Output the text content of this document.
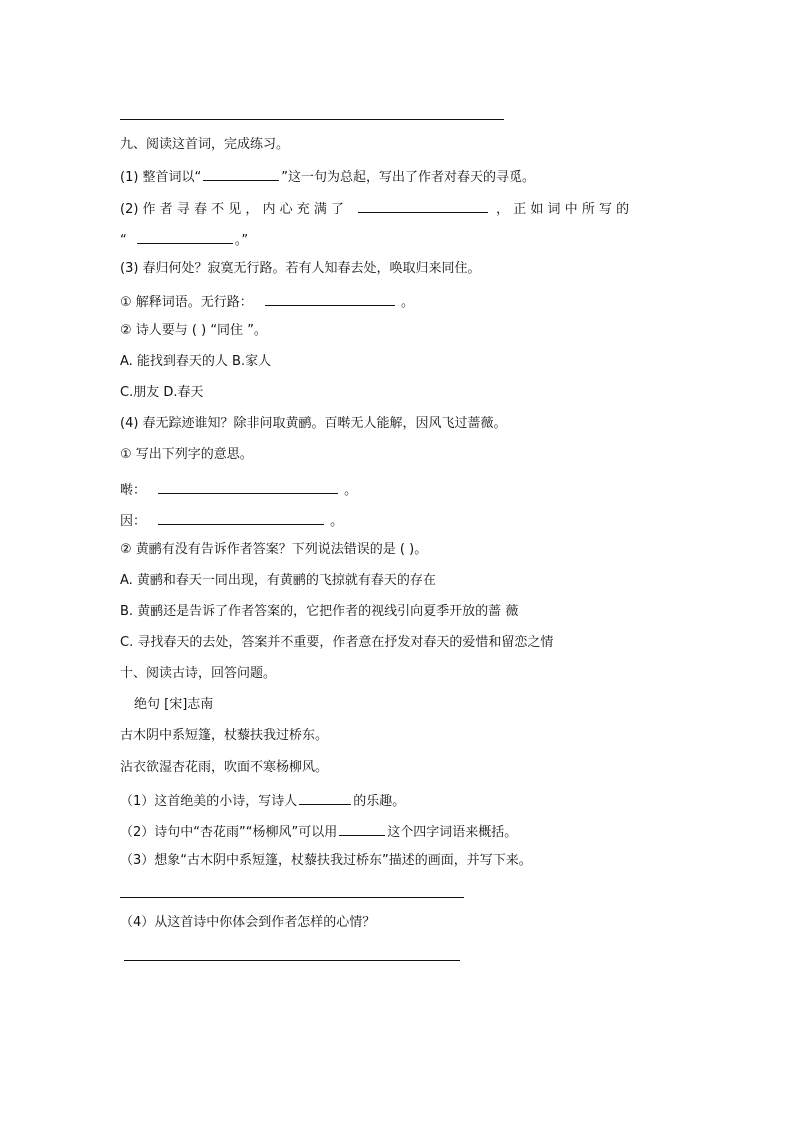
九、阅读这首词，完成练习。
(1) 整首词以“	”这一句为总起，写出了作者对春天的寻觅。
(2) 作 者 寻 春 不 见 ， 内 心 充 满 了	， 正 如 词 中 所 写 的
“	。”
(3) 春归何处？寂寞无行路。若有人知春去处，唤取归来同住。
① 解释词语。无行路：	。
② 诗人要与 ( ) “同住 ”。
A. 能找到春天的人 B.家人
C.朋友 D.春天
(4) 春无踪迹谁知？除非问取黄鹂。百啭无人能解，因风飞过蔷薇。
① 写出下列字的意思。
啭：	。
因：	。
② 黄鹂有没有告诉作者答案？下列说法错误的是 ( )。
A. 黄鹂和春天一同出现，有黄鹂的飞掠就有春天的存在
B. 黄鹂还是告诉了作者答案的，它把作者的视线引向夏季开放的蔷 薇
C. 寻找春天的去处，答案并不重要，作者意在抒发对春天的爱惜和留恋之情
十、阅读古诗，回答问题。
绝句 [宋]志南
古木阴中系短篷，杖藜扶我过桥东。
沾衣欲湿杏花雨，吹面不寒杨柳风。
（1）这首绝美的小诗，写诗人	的乐趣。
（2）诗句中“杏花雨”“杨柳风”可以用	这个四字词语来概括。
（3）想象“古木阴中系短篷，杖藜扶我过桥东”描述的画面，并写下来。
（4）从这首诗中你体会到作者怎样的心情？
